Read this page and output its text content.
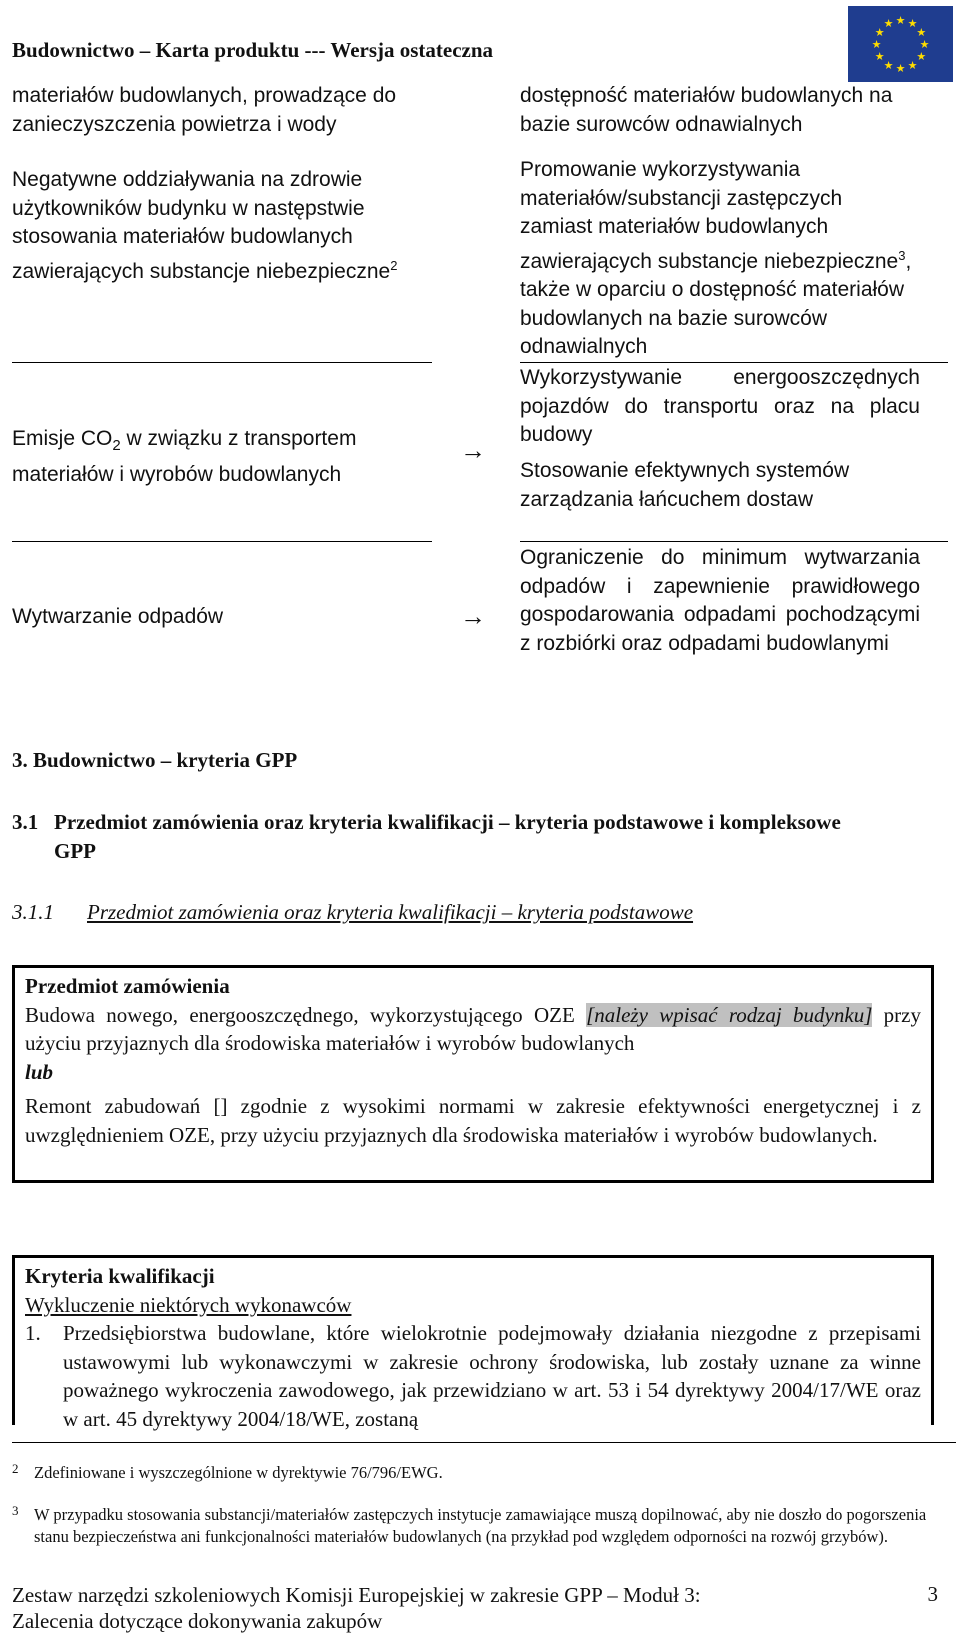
Budownictwo – Karta produktu --- Wersja ostateczna
★ ★
★
★
★
★
★
★
★
★
★
★
materiałów budowlanych, prowadzące do zanieczyszczenia powietrza i wody
dostępność materiałów budowlanych na bazie surowców odnawialnych
Negatywne oddziaływania na zdrowie użytkowników budynku w następstwie stosowania materiałów budowlanych zawierających substancje niebezpieczne$^2$
Promowanie wykorzystywania materiałów/substancji zastępczych zamiast materiałów budowlanych zawierających substancje niebezpieczne$^3$, także w oparciu o dostępność materiałów budowlanych na bazie surowców odnawialnych
Emisje $CO_2$ w związku z transportem materiałów i wyrobów budowlanych
→
Wykorzystywanie energooszczędnych pojazdów do transportu oraz na placu budowy
Stosowanie efektywnych systemów zarządzania łańcuchem dostaw
Wytwarzanie odpadów	→
Ograniczenie do minimum wytwarzania odpadów i zapewnienie prawidłowego gospodarowania odpadami pochodzącymi z rozbiórki oraz odpadami budowlanymi
3. Budownictwo – kryteria GPP
3.1 Przedmiot zamówienia oraz kryteria kwalifikacji – kryteria podstawowe i kompleksowe GPP
3.1.1 Przedmiot zamówienia oraz kryteria kwalifikacji – kryteria podstawowe
Przedmiot zamówienia

Budowa nowego, energooszczędnego, wykorzystującego OZE [należy wpisać rodzaj budynku] przy użyciu przyjaznych dla środowiska materiałów i wyrobów budowlanych

lub

Remont zabudowań [] zgodnie z wysokimi normami w zakresie efektywności energetycznej i z uwzględnieniem OZE, przy użyciu przyjaznych dla środowiska materiałów i wyrobów budowlanych.

Kryteria kwalifikacji
Wykluczenie niektórych wykonawców
1.	Przedsiębiorstwa budowlane, które wielokrotnie podejmowały działania niezgodne z przepisami ustawowymi lub wykonawczymi w zakresie ochrony środowiska, lub zostały uznane za winne poważnego wykroczenia zawodowego, jak przewidziano w art. 53 i 54 dyrektywy 2004/17/WE oraz w art. 45 dyrektywy 2004/18/WE, zostaną

2 Zdefiniowane i wyszczególnione w dyrektywie 76/796/EWG.
3 W przypadku stosowania substancji/materiałów zastępczych instytucje zamawiające muszą dopilnować, aby nie doszło do pogorszenia stanu bezpieczeństwa ani funkcjonalności materiałów budowlanych (na przykład pod względem odporności na rozwój grzybów).
Zestaw narzędzi szkoleniowych Komisji Europejskiej w zakresie GPP – Moduł 3:
Zalecenia dotyczące dokonywania zakupów
3
